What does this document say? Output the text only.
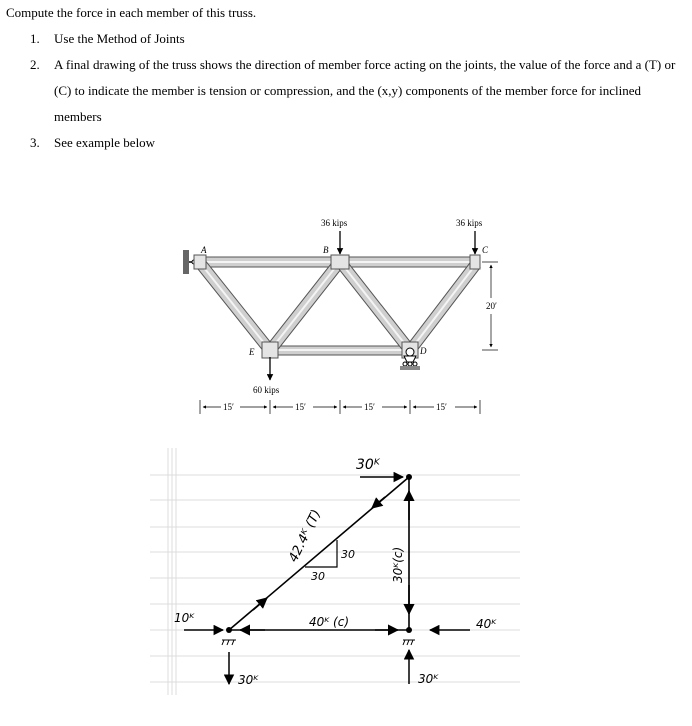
Compute the force in each member of this truss.
1. Use the Method of Joints
2. A final drawing of the truss shows the direction of member force acting on the joints, the value of the force and a (T) or (C) to indicate the member is tension or compression, and the (x,y) components of the member force for inclined members
3. See example below
A	B	C
E	D
36 kips	36 kips
60 kips
20′
15′	15′	15′	15′
30
30
42.4ᴷ (T)
30ᴷ(c)
40ᴷ (c)
30ᴷ
10ᴷ
30ᴷ	30ᴷ
40ᴷ
